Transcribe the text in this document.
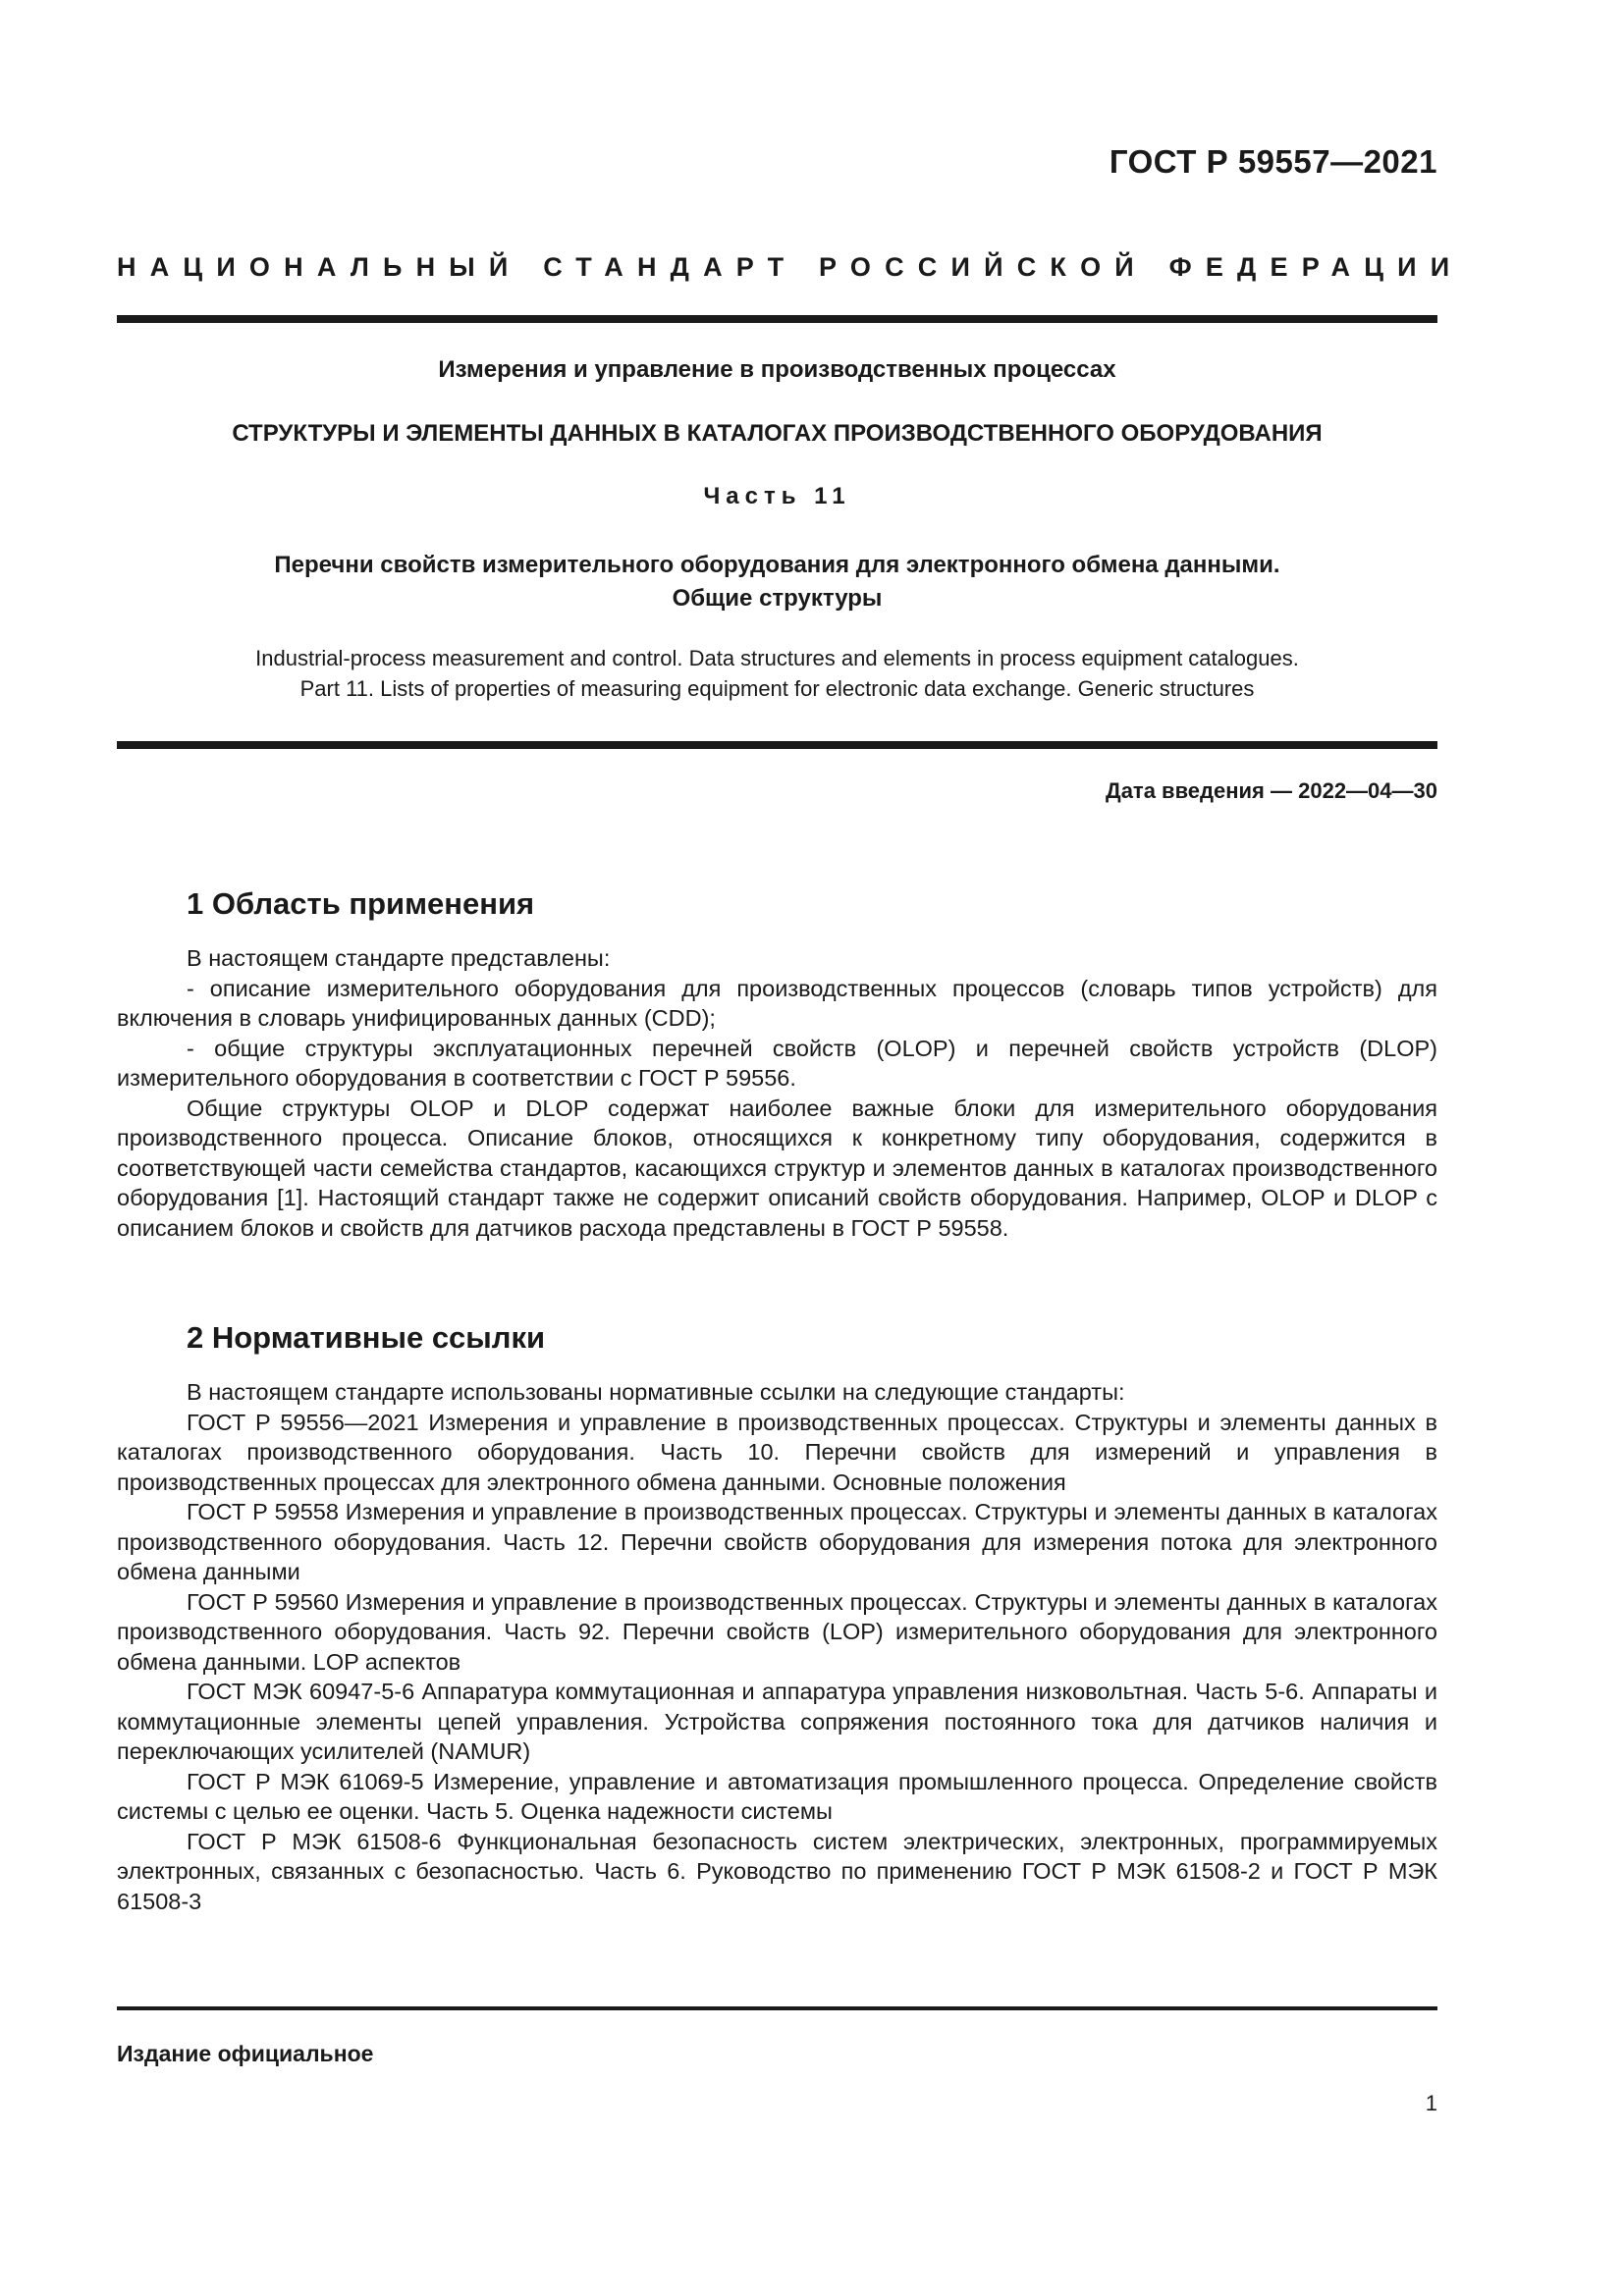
ГОСТ Р 59557—2021
НАЦИОНАЛЬНЫЙ СТАНДАРТ РОССИЙСКОЙ ФЕДЕРАЦИИ
Измерения и управление в производственных процессах
СТРУКТУРЫ И ЭЛЕМЕНТЫ ДАННЫХ В КАТАЛОГАХ ПРОИЗВОДСТВЕННОГО ОБОРУДОВАНИЯ
Часть 11
Перечни свойств измерительного оборудования для электронного обмена данными.
Общие структуры
Industrial-process measurement and control. Data structures and elements in process equipment catalogues.
Part 11. Lists of properties of measuring equipment for electronic data exchange. Generic structures
Дата введения — 2022—04—30
1 Область применения

В настоящем стандарте представлены:

- описание измерительного оборудования для производственных процессов (словарь типов устройств) для включения в словарь унифицированных данных (CDD);

- общие структуры эксплуатационных перечней свойств (OLOP) и перечней свойств устройств (DLOP) измерительного оборудования в соответствии с ГОСТ Р 59556.

Общие структуры OLOP и DLOP содержат наиболее важные блоки для измерительного оборудования производственного процесса. Описание блоков, относящихся к конкретному типу оборудования, содержится в соответствующей части семейства стандартов, касающихся структур и элементов данных в каталогах производственного оборудования [1]. Настоящий стандарт также не содержит описаний свойств оборудования. Например, OLOP и DLOP с описанием блоков и свойств для датчиков расхода представлены в ГОСТ Р 59558.

2 Нормативные ссылки

В настоящем стандарте использованы нормативные ссылки на следующие стандарты:

ГОСТ Р 59556—2021 Измерения и управление в производственных процессах. Структуры и элементы данных в каталогах производственного оборудования. Часть 10. Перечни свойств для измерений и управления в производственных процессах для электронного обмена данными. Основные положения

ГОСТ Р 59558 Измерения и управление в производственных процессах. Структуры и элементы данных в каталогах производственного оборудования. Часть 12. Перечни свойств оборудования для измерения потока для электронного обмена данными

ГОСТ Р 59560 Измерения и управление в производственных процессах. Структуры и элементы данных в каталогах производственного оборудования. Часть 92. Перечни свойств (LOP) измерительного оборудования для электронного обмена данными. LOP аспектов

ГОСТ МЭК 60947-5-6 Аппаратура коммутационная и аппаратура управления низковольтная. Часть 5-6. Аппараты и коммутационные элементы цепей управления. Устройства сопряжения постоянного тока для датчиков наличия и переключающих усилителей (NAMUR)

ГОСТ Р МЭК 61069-5 Измерение, управление и автоматизация промышленного процесса. Определение свойств системы с целью ее оценки. Часть 5. Оценка надежности системы

ГОСТ Р МЭК 61508-6 Функциональная безопасность систем электрических, электронных, программируемых электронных, связанных с безопасностью. Часть 6. Руководство по применению ГОСТ Р МЭК 61508-2 и ГОСТ Р МЭК 61508-3

Издание официальное
1
